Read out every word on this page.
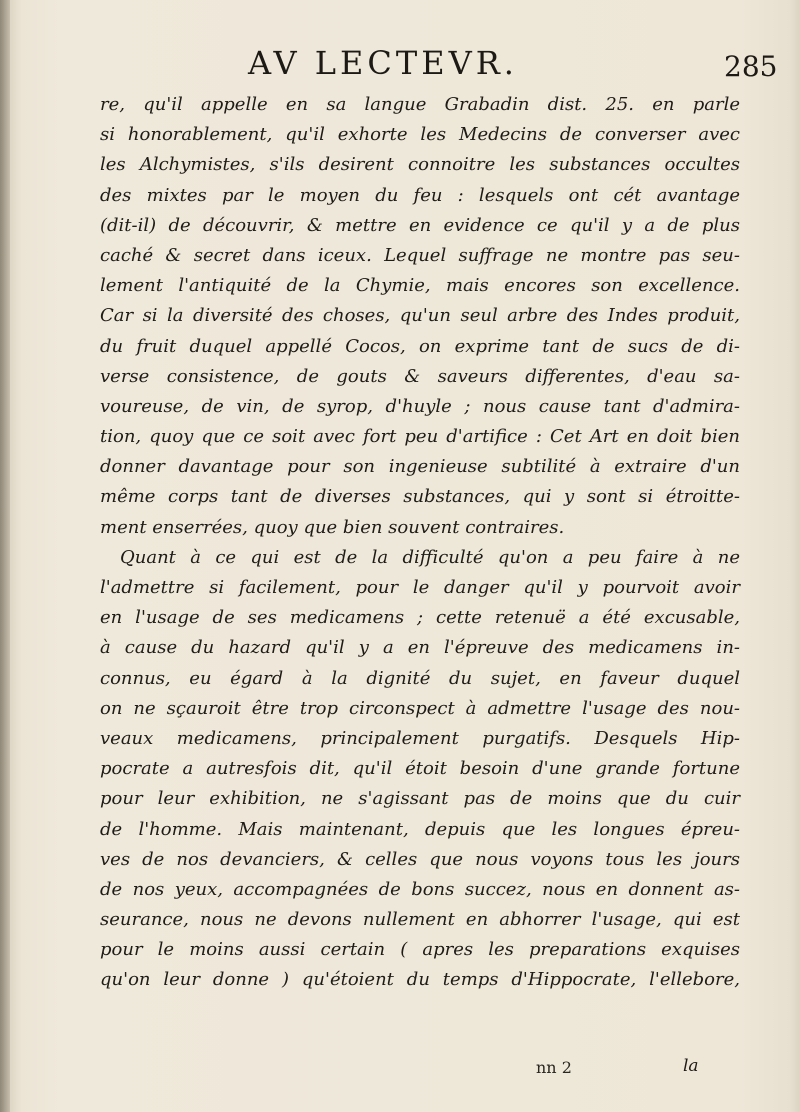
AV LECTEVR.	285
re, qu'il appelle en sa langue Grabadin dist. 25. en parle
si honorablement, qu'il exhorte les Medecins de converser avec
les Alchymistes, s'ils desirent connoitre les substances occultes
des mixtes par le moyen du feu : lesquels ont cét avantage
(dit-il) de découvrir, & mettre en evidence ce qu'il y a de plus
caché & secret dans iceux. Lequel suffrage ne montre pas seu-
lement l'antiquité de la Chymie, mais encores son excellence.
Car si la diversité des choses, qu'un seul arbre des Indes produit,
du fruit duquel appellé Cocos, on exprime tant de sucs de di-
verse consistence, de gouts & saveurs differentes, d'eau sa-
voureuse, de vin, de syrop, d'huyle ; nous cause tant d'admira-
tion, quoy que ce soit avec fort peu d'artifice : Cet Art en doit bien
donner davantage pour son ingenieuse subtilité à extraire d'un
même corps tant de diverses substances, qui y sont si étroitte-
ment enserrées, quoy que bien souvent contraires.
Quant à ce qui est de la difficulté qu'on a peu faire à ne
l'admettre si facilement, pour le danger qu'il y pourvoit avoir
en l'usage de ses medicamens ; cette retenuë a été excusable,
à cause du hazard qu'il y a en l'épreuve des medicamens in-
connus, eu égard à la dignité du sujet, en faveur duquel
on ne sçauroit être trop circonspect à admettre l'usage des nou-
veaux medicamens, principalement purgatifs. Desquels Hip-
pocrate a autresfois dit, qu'il étoit besoin d'une grande fortune
pour leur exhibition, ne s'agissant pas de moins que du cuir
de l'homme. Mais maintenant, depuis que les longues épreu-
ves de nos devanciers, & celles que nous voyons tous les jours
de nos yeux, accompagnées de bons succez, nous en donnent as-
seurance, nous ne devons nullement en abhorrer l'usage, qui est
pour le moins aussi certain ( apres les preparations exquises
qu'on leur donne ) qu'étoient du temps d'Hippocrate, l'ellebore,
nn 2	la
